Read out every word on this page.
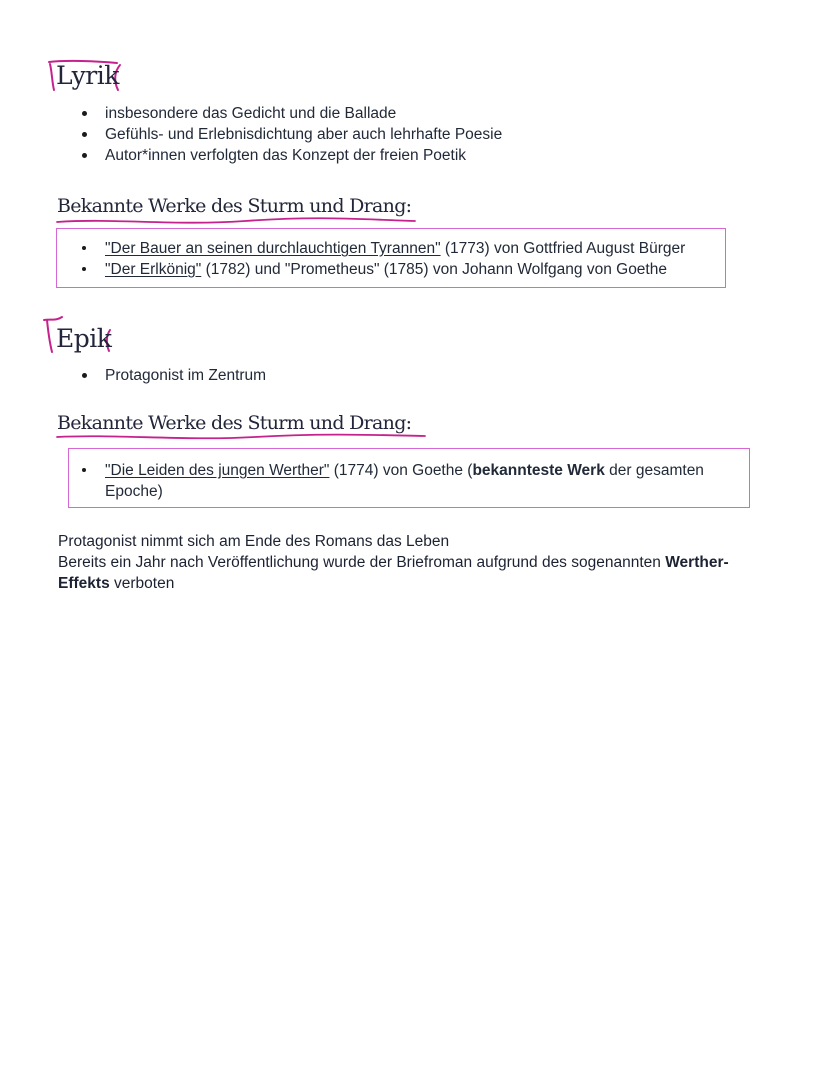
Lyrik
insbesondere das Gedicht und die Ballade
Gefühls- und Erlebnisdichtung aber auch lehrhafte Poesie
Autor*innen verfolgten das Konzept der freien Poetik
Bekannte Werke des Sturm und Drang:
"Der Bauer an seinen durchlauchtigen Tyrannen" (1773) von Gottfried August Bürger
"Der Erlkönig" (1782) und "Prometheus" (1785) von Johann Wolfgang von Goethe
Epik
Protagonist im Zentrum
Bekannte Werke des Sturm und Drang:
"Die Leiden des jungen Werther" (1774) von Goethe (bekannteste Werk der gesamten Epoche)
Protagonist nimmt sich am Ende des Romans das Leben
Bereits ein Jahr nach Veröffentlichung wurde der Briefroman aufgrund des sogenannten Werther-Effekts verboten
